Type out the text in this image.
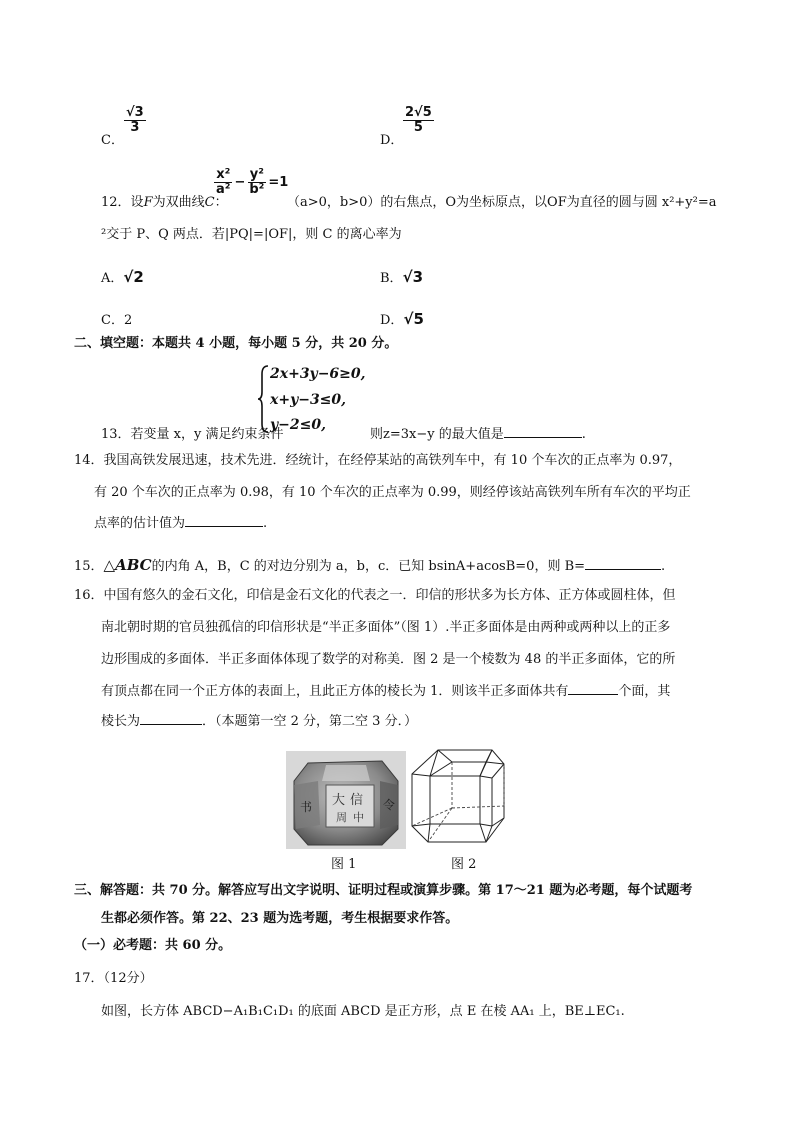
C．
$\frac{√3}{3}$
D．
$\frac{2√5}{5}$
12．设F为双曲线C：
$\frac{\text{x²}}{\text{a²}} - \frac{\text{y²}}{\text{b²}} =1$
（a>0，b>0）的右焦点，O为坐标原点，以OF为直径的圆与圆 x²+y²=a
²交于 P、Q 两点．若|PQ|=|OF|，则 C 的离心率为
A．√2	B．√3
C．2	D．√5
二、填空题：本题共 4 小题，每小题 5 分，共 20 分。
2x+3y−6≥0,
x+y−3≤0,
y−2≤0,
13．若变量 x，y 满足约束条件	则z=3x−y 的最大值是	.
14．我国高铁发展迅速，技术先进．经统计，在经停某站的高铁列车中，有 10 个车次的正点率为 0.97，
有 20 个车次的正点率为 0.98，有 10 个车次的正点率为 0.99，则经停该站高铁列车所有车次的平均正
点率的估计值为	.
15．△ABC的内角 A，B，C 的对边分别为 a，b，c．已知 bsinA+acosB=0，则 B=	.
16．中国有悠久的金石文化，印信是金石文化的代表之一．印信的形状多为长方体、正方体或圆柱体，但
南北朝时期的官员独孤信的印信形状是“半正多面体”（图 1）.半正多面体是由两种或两种以上的正多
边形围成的多面体．半正多面体体现了数学的对称美．图 2 是一个棱数为 48 的半正多面体，它的所
有顶点都在同一个正方体的表面上，且此正方体的棱长为 1．则该半正多面体共有	个面，其
棱长为	．（本题第一空 2 分，第二空 3 分．）
大 信
书	令
周 中
图 1	图 2
三、解答题：共 70 分。解答应写出文字说明、证明过程或演算步骤。第 17～21 题为必考题，每个试题考
生都必须作答。第 22、23 题为选考题，考生根据要求作答。
（一）必考题：共 60 分。
17．（12分）
如图，长方体 ABCD−A₁B₁C₁D₁ 的底面 ABCD 是正方形，点 E 在棱 AA₁ 上，BE⊥EC₁.
